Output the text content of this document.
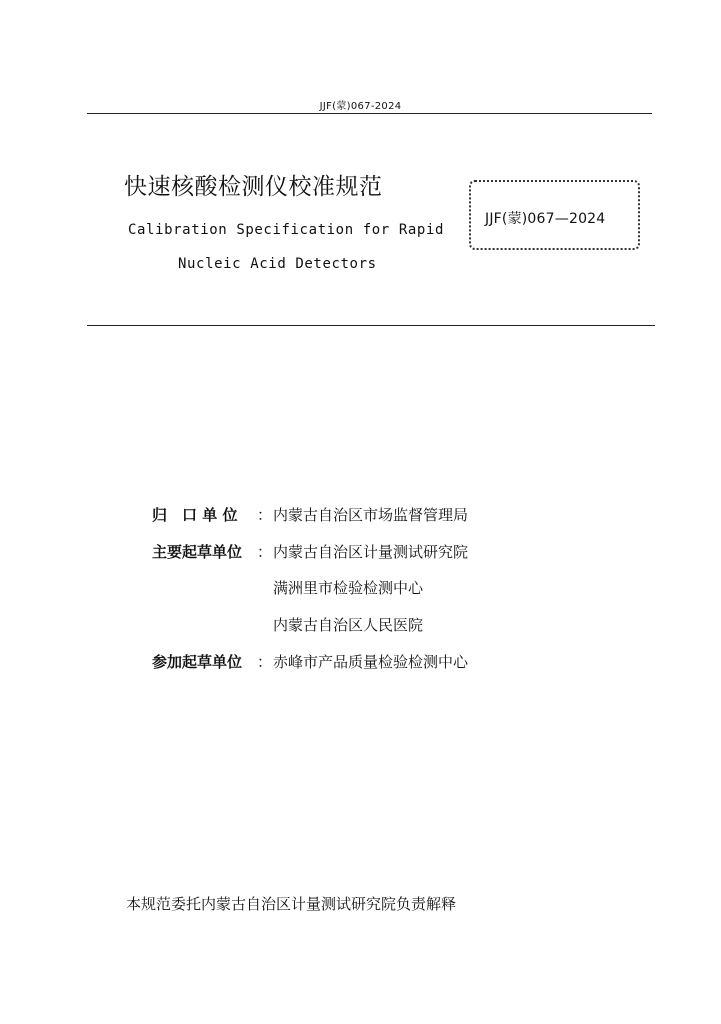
JJF(蒙)067-2024
快速核酸检测仪校准规范
Calibration Specification for Rapid
Nucleic Acid Detectors
JJF(蒙)067—2024
归　口 单 位	： 内蒙古自治区市场监督管理局
主要起草单位 ： 内蒙古自治区计量测试研究院
满洲里市检验检测中心
内蒙古自治区人民医院
参加起草单位 ： 赤峰市产品质量检验检测中心
本规范委托内蒙古自治区计量测试研究院负责解释
